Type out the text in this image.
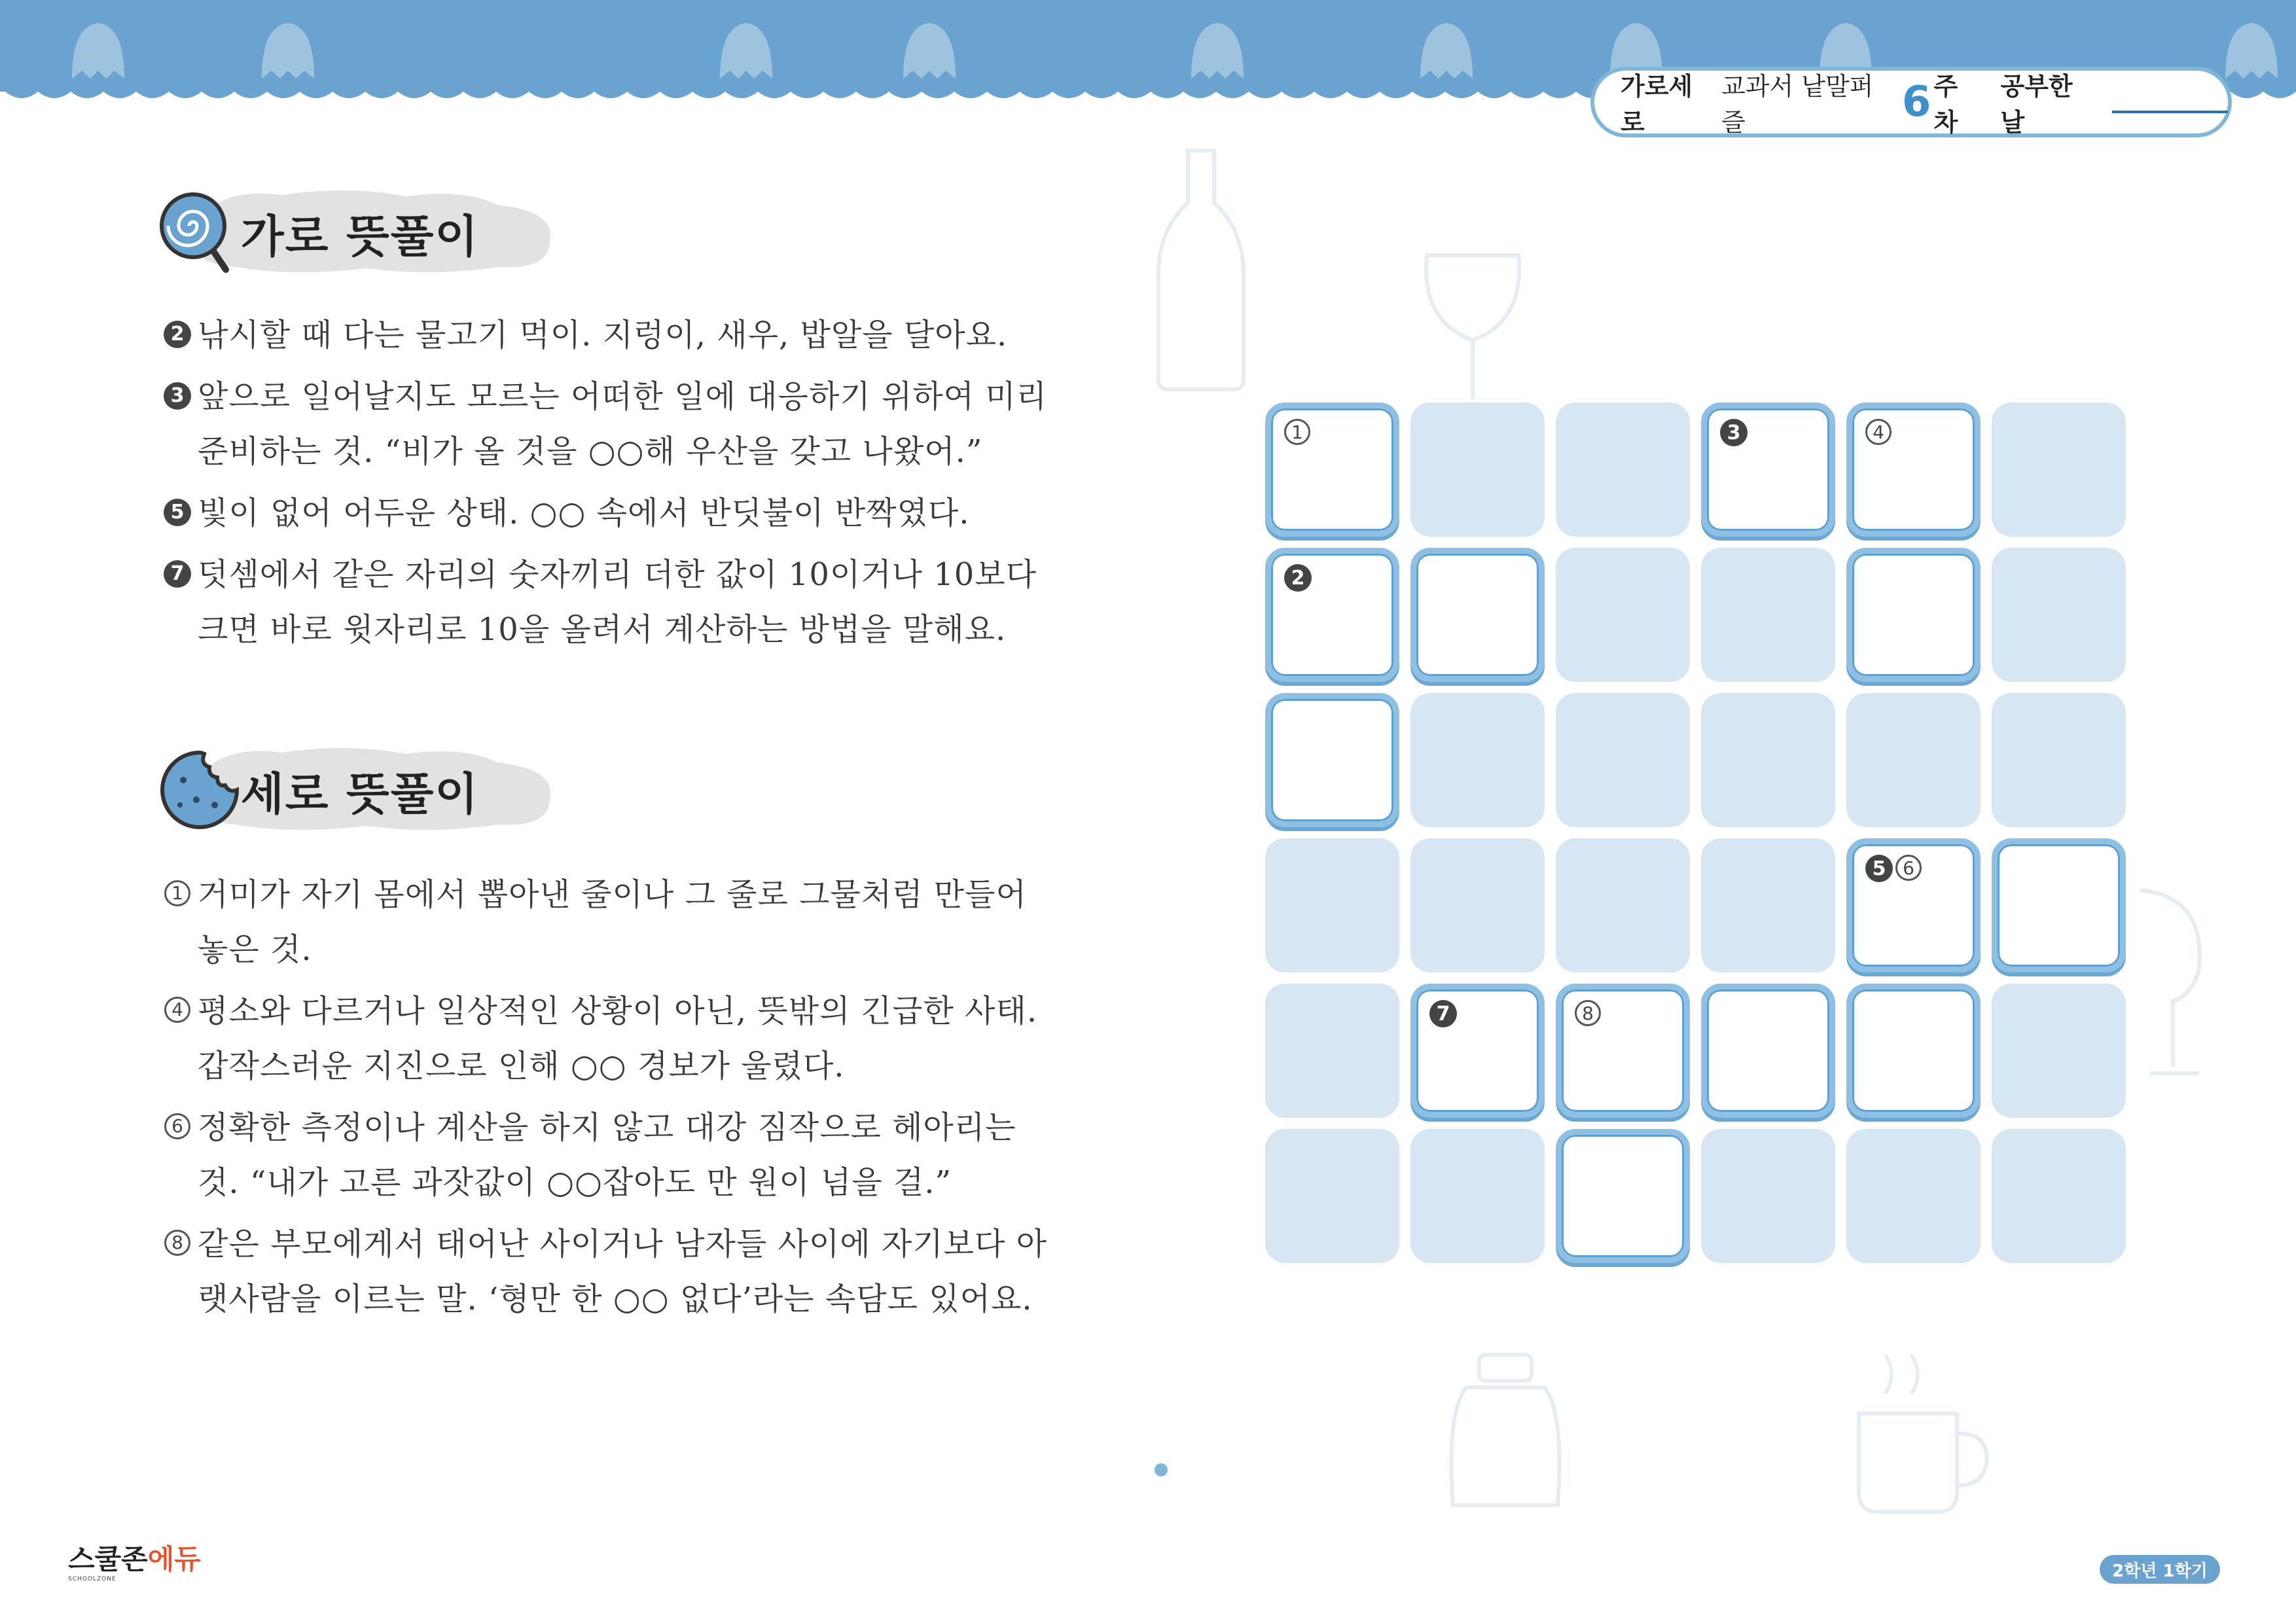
가로세로
교과서 낱말퍼즐	6 주차
공부한 날
가로 뜻풀이
2 낚시할 때 다는 물고기 먹이. 지렁이, 새우, 밥알을 달아요.
3 앞으로 일어날지도 모르는 어떠한 일에 대응하기 위하여 미리
준비하는 것. “비가 올 것을 ○○해 우산을 갖고 나왔어.”
5 빛이 없어 어두운 상태. ○○ 속에서 반딧불이 반짝였다.
7 덧셈에서 같은 자리의 숫자끼리 더한 값이 10이거나 10보다
크면 바로 윗자리로 10을 올려서 계산하는 방법을 말해요.
세로 뜻풀이
1 거미가 자기 몸에서 뽑아낸 줄이나 그 줄로 그물처럼 만들어
놓은 것.
4 평소와 다르거나 일상적인 상황이 아닌, 뜻밖의 긴급한 사태.
갑작스러운 지진으로 인해 ○○ 경보가 울렸다.
6 정확한 측정이나 계산을 하지 않고 대강 짐작으로 헤아리는
것. “내가 고른 과잣값이 ○○잡아도 만 원이 넘을 걸.”
8 같은 부모에게서 태어난 사이거나 남자들 사이에 자기보다 아
랫사람을 이르는 말. ‘형만 한 ○○ 없다’라는 속담도 있어요.
1	3	4
2
5 6
7	8
스쿨존에듀
SCHOOLZONE	2학년 1학기
